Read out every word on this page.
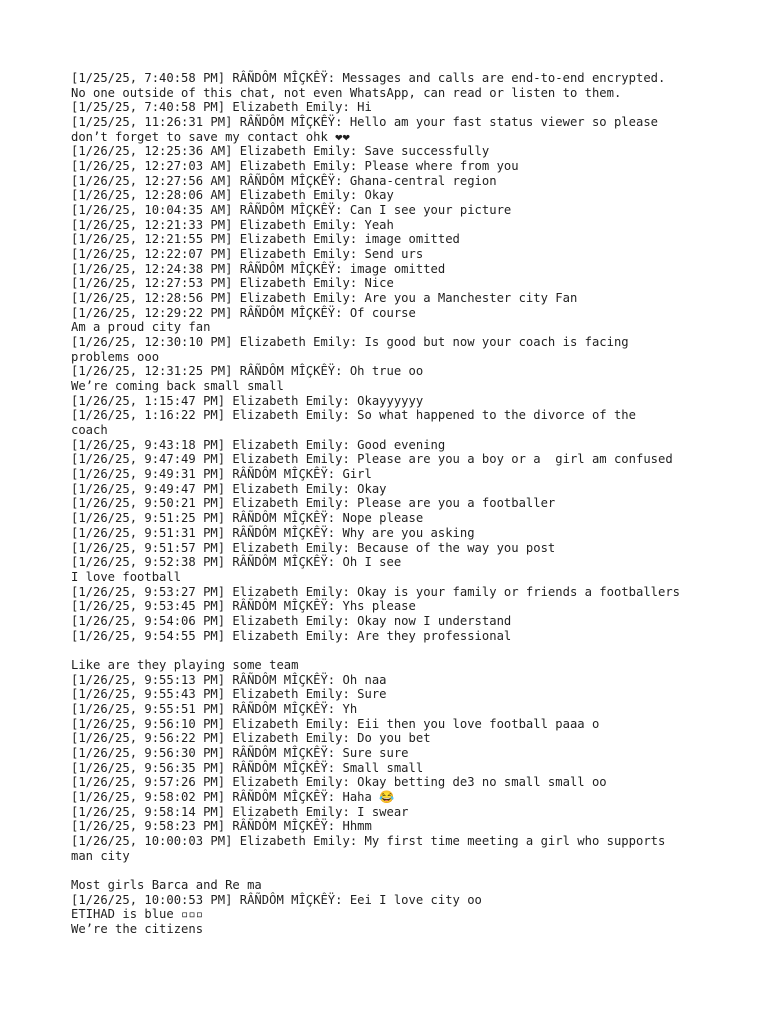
[1/25/25, 7:40:58 PM] RÂÑDÔM MÎÇKÊŸ: Messages and calls are end-to-end encrypted.
No one outside of this chat, not even WhatsApp, can read or listen to them.
[1/25/25, 7:40:58 PM] Elizabeth Emily: Hi
[1/25/25, 11:26:31 PM] RÂÑDÔM MÎÇKÊŸ: Hello am your fast status viewer so please
don’t forget to save my contact ohk ❤❤
[1/26/25, 12:25:36 AM] Elizabeth Emily: Save successfully
[1/26/25, 12:27:03 AM] Elizabeth Emily: Please where from you
[1/26/25, 12:27:56 AM] RÂÑDÔM MÎÇKÊŸ: Ghana-central region
[1/26/25, 12:28:06 AM] Elizabeth Emily: Okay
[1/26/25, 10:04:35 AM] RÂÑDÔM MÎÇKÊŸ: Can I see your picture
[1/26/25, 12:21:33 PM] Elizabeth Emily: Yeah
[1/26/25, 12:21:55 PM] Elizabeth Emily: image omitted
[1/26/25, 12:22:07 PM] Elizabeth Emily: Send urs
[1/26/25, 12:24:38 PM] RÂÑDÔM MÎÇKÊŸ: image omitted
[1/26/25, 12:27:53 PM] Elizabeth Emily: Nice
[1/26/25, 12:28:56 PM] Elizabeth Emily: Are you a Manchester city Fan
[1/26/25, 12:29:22 PM] RÂÑDÔM MÎÇKÊŸ: Of course
Am a proud city fan
[1/26/25, 12:30:10 PM] Elizabeth Emily: Is good but now your coach is facing
problems ooo
[1/26/25, 12:31:25 PM] RÂÑDÔM MÎÇKÊŸ: Oh true oo
We’re coming back small small
[1/26/25, 1:15:47 PM] Elizabeth Emily: Okayyyyyy
[1/26/25, 1:16:22 PM] Elizabeth Emily: So what happened to the divorce of the
coach
[1/26/25, 9:43:18 PM] Elizabeth Emily: Good evening
[1/26/25, 9:47:49 PM] Elizabeth Emily: Please are you a boy or a  girl am confused
[1/26/25, 9:49:31 PM] RÂÑDÔM MÎÇKÊŸ: Girl
[1/26/25, 9:49:47 PM] Elizabeth Emily: Okay
[1/26/25, 9:50:21 PM] Elizabeth Emily: Please are you a footballer
[1/26/25, 9:51:25 PM] RÂÑDÔM MÎÇKÊŸ: Nope please
[1/26/25, 9:51:31 PM] RÂÑDÔM MÎÇKÊŸ: Why are you asking
[1/26/25, 9:51:57 PM] Elizabeth Emily: Because of the way you post
[1/26/25, 9:52:38 PM] RÂÑDÔM MÎÇKÊŸ: Oh I see
I love football
[1/26/25, 9:53:27 PM] Elizabeth Emily: Okay is your family or friends a footballers
[1/26/25, 9:53:45 PM] RÂÑDÔM MÎÇKÊŸ: Yhs please
[1/26/25, 9:54:06 PM] Elizabeth Emily: Okay now I understand
[1/26/25, 9:54:55 PM] Elizabeth Emily: Are they professional
Like are they playing some team
[1/26/25, 9:55:13 PM] RÂÑDÔM MÎÇKÊŸ: Oh naa
[1/26/25, 9:55:43 PM] Elizabeth Emily: Sure
[1/26/25, 9:55:51 PM] RÂÑDÔM MÎÇKÊŸ: Yh
[1/26/25, 9:56:10 PM] Elizabeth Emily: Eii then you love football paaa o
[1/26/25, 9:56:22 PM] Elizabeth Emily: Do you bet
[1/26/25, 9:56:30 PM] RÂÑDÔM MÎÇKÊŸ: Sure sure
[1/26/25, 9:56:35 PM] RÂÑDÔM MÎÇKÊŸ: Small small
[1/26/25, 9:57:26 PM] Elizabeth Emily: Okay betting de3 no small small oo
[1/26/25, 9:58:02 PM] RÂÑDÔM MÎÇKÊŸ: Haha 😂
[1/26/25, 9:58:14 PM] Elizabeth Emily: I swear
[1/26/25, 9:58:23 PM] RÂÑDÔM MÎÇKÊŸ: Hhmm
[1/26/25, 10:00:03 PM] Elizabeth Emily: My first time meeting a girl who supports
man city
Most girls Barca and Re ma
[1/26/25, 10:00:53 PM] RÂÑDÔM MÎÇKÊŸ: Eei I love city oo
ETIHAD is blue ▫▫▫
We’re the citizens
